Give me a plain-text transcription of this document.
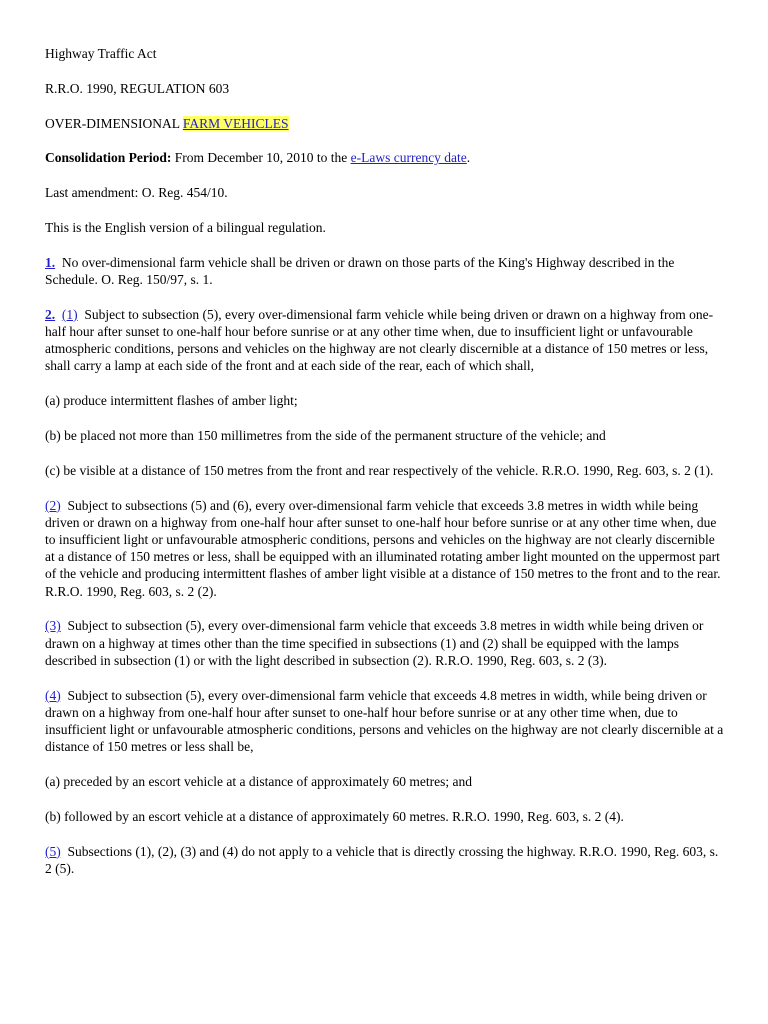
Highway Traffic Act

R.R.O. 1990, REGULATION 603

OVER-DIMENSIONAL FARM VEHICLES

Consolidation Period: From December 10, 2010 to the e-Laws currency date.

Last amendment: O. Reg. 454/10.

This is the English version of a bilingual regulation.

1. No over-dimensional farm vehicle shall be driven or drawn on those parts of the King's Highway described in the Schedule. O. Reg. 150/97, s. 1.

2. (1) Subject to subsection (5), every over-dimensional farm vehicle while being driven or drawn on a highway from one-half hour after sunset to one-half hour before sunrise or at any other time when, due to insufficient light or unfavourable atmospheric conditions, persons and vehicles on the highway are not clearly discernible at a distance of 150 metres or less, shall carry a lamp at each side of the front and at each side of the rear, each of which shall,

(a) produce intermittent flashes of amber light;

(b) be placed not more than 150 millimetres from the side of the permanent structure of the vehicle; and

(c) be visible at a distance of 150 metres from the front and rear respectively of the vehicle. R.R.O. 1990, Reg. 603, s. 2 (1).

(2) Subject to subsections (5) and (6), every over-dimensional farm vehicle that exceeds 3.8 metres in width while being driven or drawn on a highway from one-half hour after sunset to one-half hour before sunrise or at any other time when, due to insufficient light or unfavourable atmospheric conditions, persons and vehicles on the highway are not clearly discernible at a distance of 150 metres or less, shall be equipped with an illuminated rotating amber light mounted on the uppermost part of the vehicle and producing intermittent flashes of amber light visible at a distance of 150 metres to the front and to the rear. R.R.O. 1990, Reg. 603, s. 2 (2).

(3) Subject to subsection (5), every over-dimensional farm vehicle that exceeds 3.8 metres in width while being driven or drawn on a highway at times other than the time specified in subsections (1) and (2) shall be equipped with the lamps described in subsection (1) or with the light described in subsection (2). R.R.O. 1990, Reg. 603, s. 2 (3).

(4) Subject to subsection (5), every over-dimensional farm vehicle that exceeds 4.8 metres in width, while being driven or drawn on a highway from one-half hour after sunset to one-half hour before sunrise or at any other time when, due to insufficient light or unfavourable atmospheric conditions, persons and vehicles on the highway are not clearly discernible at a distance of 150 metres or less shall be,

(a) preceded by an escort vehicle at a distance of approximately 60 metres; and

(b) followed by an escort vehicle at a distance of approximately 60 metres. R.R.O. 1990, Reg. 603, s. 2 (4).

(5) Subsections (1), (2), (3) and (4) do not apply to a vehicle that is directly crossing the highway. R.R.O. 1990, Reg. 603, s. 2 (5).
